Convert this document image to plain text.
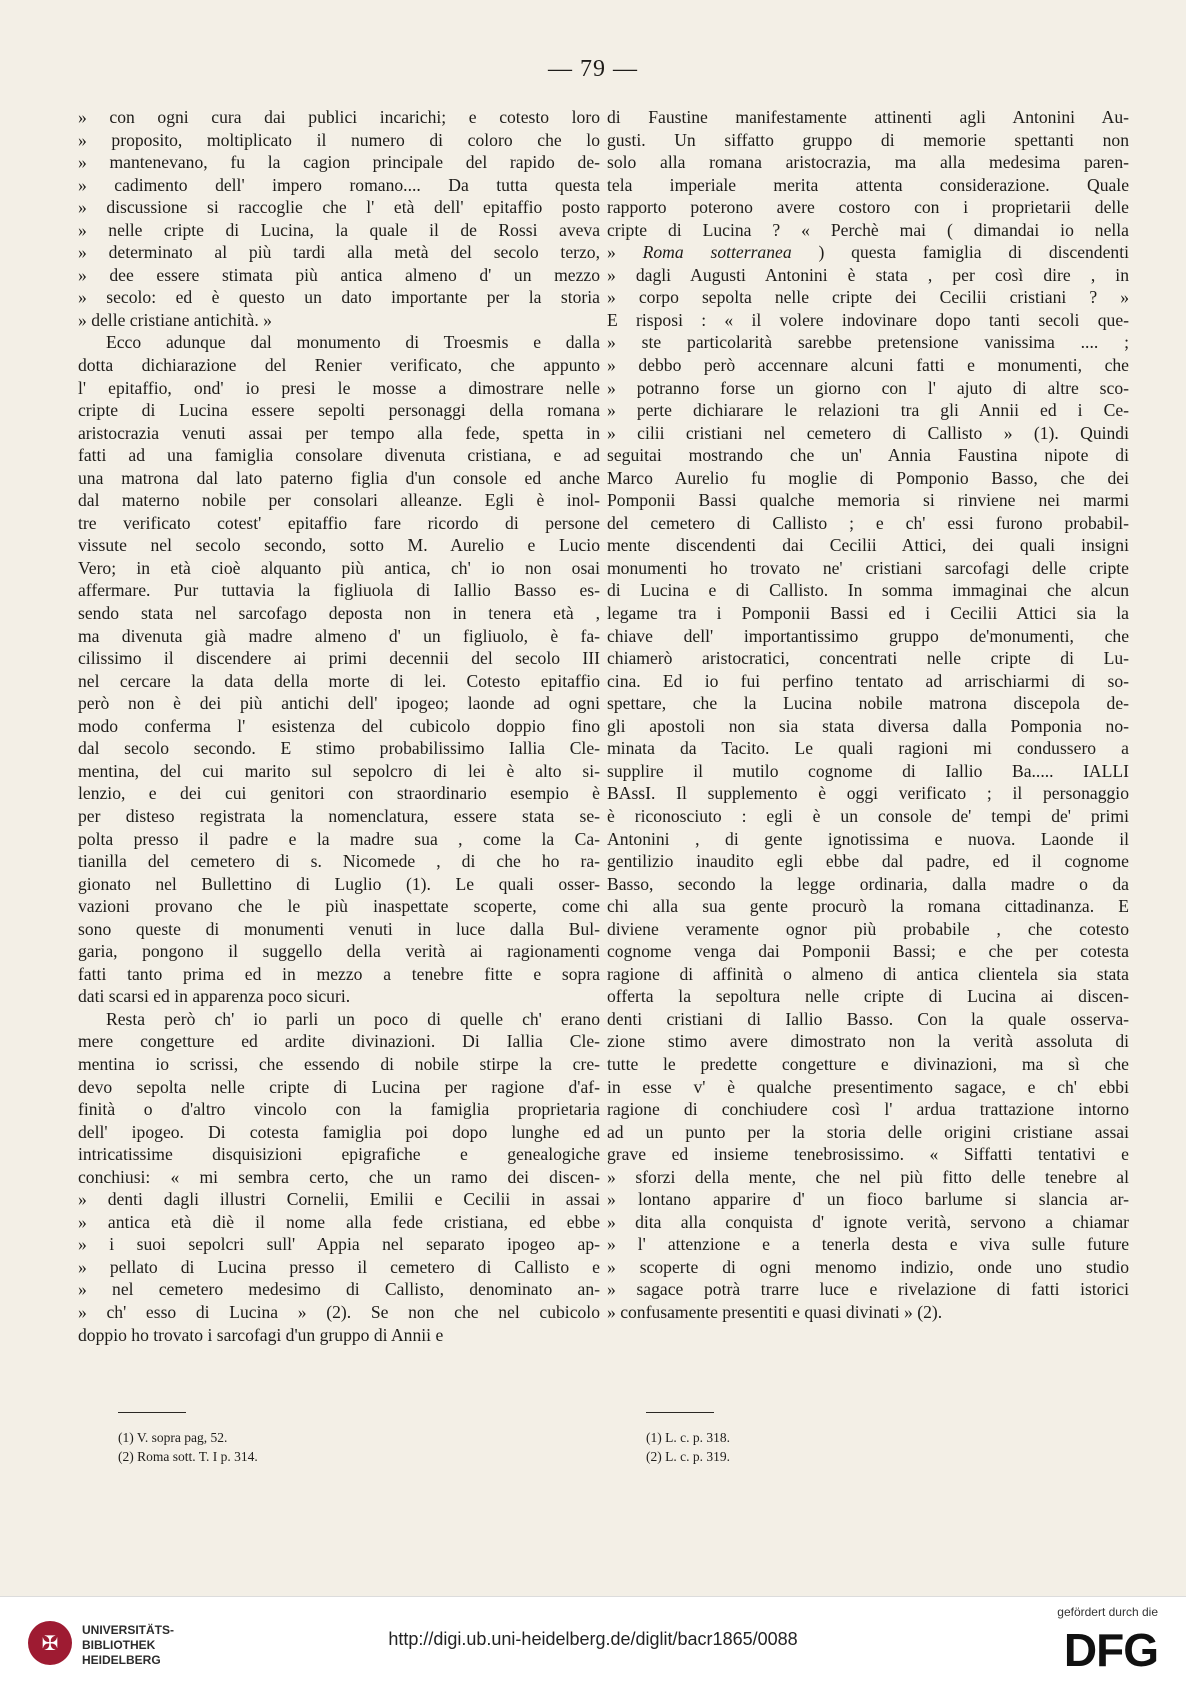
— 79 —
» con ogni cura dai publici incarichi; e cotesto loro
» proposito, moltiplicato il numero di coloro che lo
» mantenevano, fu la cagion principale del rapido de-
» cadimento dell' impero romano.... Da tutta questa
» discussione si raccoglie che l' età dell' epitaffio posto
» nelle cripte di Lucina, la quale il de Rossi aveva
» determinato al più tardi alla metà del secolo terzo,
» dee essere stimata più antica almeno d' un mezzo
» secolo: ed è questo un dato importante per la storia
» delle cristiane antichità. »
Ecco adunque dal monumento di Troesmis e dalla
dotta dichiarazione del Renier verificato, che appunto
l' epitaffio, ond' io presi le mosse a dimostrare nelle
cripte di Lucina essere sepolti personaggi della romana
aristocrazia venuti assai per tempo alla fede, spetta in
fatti ad una famiglia consolare divenuta cristiana, e ad
una matrona dal lato paterno figlia d'un console ed anche
dal materno nobile per consolari alleanze. Egli è inol-
tre verificato cotest' epitaffio fare ricordo di persone
vissute nel secolo secondo, sotto M. Aurelio e Lucio
Vero; in età cioè alquanto più antica, ch' io non osai
affermare. Pur tuttavia la figliuola di Iallio Basso es-
sendo stata nel sarcofago deposta non in tenera età ,
ma divenuta già madre almeno d' un figliuolo, è fa-
cilissimo il discendere ai primi decennii del secolo III
nel cercare la data della morte di lei. Cotesto epitaffio
però non è dei più antichi dell' ipogeo; laonde ad ogni
modo conferma l' esistenza del cubicolo doppio fino
dal secolo secondo. E stimo probabilissimo Iallia Cle-
mentina, del cui marito sul sepolcro di lei è alto si-
lenzio, e dei cui genitori con straordinario esempio è
per disteso registrata la nomenclatura, essere stata se-
polta presso il padre e la madre sua , come la Ca-
tianilla del cemetero di s. Nicomede , di che ho ra-
gionato nel Bullettino di Luglio (1). Le quali osser-
vazioni provano che le più inaspettate scoperte, come
sono queste di monumenti venuti in luce dalla Bul-
garia, pongono il suggello della verità ai ragionamenti
fatti tanto prima ed in mezzo a tenebre fitte e sopra
dati scarsi ed in apparenza poco sicuri.
Resta però ch' io parli un poco di quelle ch' erano
mere congetture ed ardite divinazioni. Di Iallia Cle-
mentina io scrissi, che essendo di nobile stirpe la cre-
devo sepolta nelle cripte di Lucina per ragione d'af-
finità o d'altro vincolo con la famiglia proprietaria
dell' ipogeo. Di cotesta famiglia poi dopo lunghe ed
intricatissime disquisizioni epigrafiche e genealogiche
conchiusi: « mi sembra certo, che un ramo dei discen-
» denti dagli illustri Cornelii, Emilii e Cecilii in assai
» antica età diè il nome alla fede cristiana, ed ebbe
» i suoi sepolcri sull' Appia nel separato ipogeo ap-
» pellato di Lucina presso il cemetero di Callisto e
» nel cemetero medesimo di Callisto, denominato an-
» ch' esso di Lucina » (2). Se non che nel cubicolo
doppio ho trovato i sarcofagi d'un gruppo di Annii e
di Faustine manifestamente attinenti agli Antonini Au-
gusti. Un siffatto gruppo di memorie spettanti non
solo alla romana aristocrazia, ma alla medesima paren-
tela imperiale merita attenta considerazione. Quale
rapporto poterono avere costoro con i proprietarii delle
cripte di Lucina ? « Perchè mai ( dimandai io nella
» Roma sotterranea ) questa famiglia di discendenti
» dagli Augusti Antonini è stata , per così dire , in
» corpo sepolta nelle cripte dei Cecilii cristiani ? »
E risposi : « il volere indovinare dopo tanti secoli que-
» ste particolarità sarebbe pretensione vanissima .... ;
» debbo però accennare alcuni fatti e monumenti, che
» potranno forse un giorno con l' ajuto di altre sco-
» perte dichiarare le relazioni tra gli Annii ed i Ce-
» cilii cristiani nel cemetero di Callisto » (1). Quindi
seguitai mostrando che un' Annia Faustina nipote di
Marco Aurelio fu moglie di Pomponio Basso, che dei
Pomponii Bassi qualche memoria si rinviene nei marmi
del cemetero di Callisto ; e ch' essi furono probabil-
mente discendenti dai Cecilii Attici, dei quali insigni
monumenti ho trovato ne' cristiani sarcofagi delle cripte
di Lucina e di Callisto. In somma immaginai che alcun
legame tra i Pomponii Bassi ed i Cecilii Attici sia la
chiave dell' importantissimo gruppo de'monumenti, che
chiamerò aristocratici, concentrati nelle cripte di Lu-
cina. Ed io fui perfino tentato ad arrischiarmi di so-
spettare, che la Lucina nobile matrona discepola de-
gli apostoli non sia stata diversa dalla Pomponia no-
minata da Tacito. Le quali ragioni mi condussero a
supplire il mutilo cognome di Iallio Ba..... IALLI
BAssI. Il supplemento è oggi verificato ; il personaggio
è riconosciuto : egli è un console de' tempi de' primi
Antonini , di gente ignotissima e nuova. Laonde il
gentilizio inaudito egli ebbe dal padre, ed il cognome
Basso, secondo la legge ordinaria, dalla madre o da
chi alla sua gente procurò la romana cittadinanza. E
diviene veramente ognor più probabile , che cotesto
cognome venga dai Pomponii Bassi; e che per cotesta
ragione di affinità o almeno di antica clientela sia stata
offerta la sepoltura nelle cripte di Lucina ai discen-
denti cristiani di Iallio Basso. Con la quale osserva-
zione stimo avere dimostrato non la verità assoluta di
tutte le predette congetture e divinazioni, ma sì che
in esse v' è qualche presentimento sagace, e ch' ebbi
ragione di conchiudere così l' ardua trattazione intorno
ad un punto per la storia delle origini cristiane assai
grave ed insieme tenebrosissimo. « Siffatti tentativi e
» sforzi della mente, che nel più fitto delle tenebre al
» lontano apparire d' un fioco barlume si slancia ar-
» dita alla conquista d' ignote verità, servono a chiamar
» l' attenzione e a tenerla desta e viva sulle future
» scoperte di ogni menomo indizio, onde uno studio
» sagace potrà trarre luce e rivelazione di fatti istorici
» confusamente presentiti e quasi divinati » (2).
(1) V. sopra pag, 52.
(2) Roma sott. T. I p. 314.
(1) L. c. p. 318.
(2) L. c. p. 319.
✠
UNIVERSITÄTS-
BIBLIOTHEK
HEIDELBERG
http://digi.ub.uni-heidelberg.de/diglit/bacr1865/0088
gefördert durch die
DFG
